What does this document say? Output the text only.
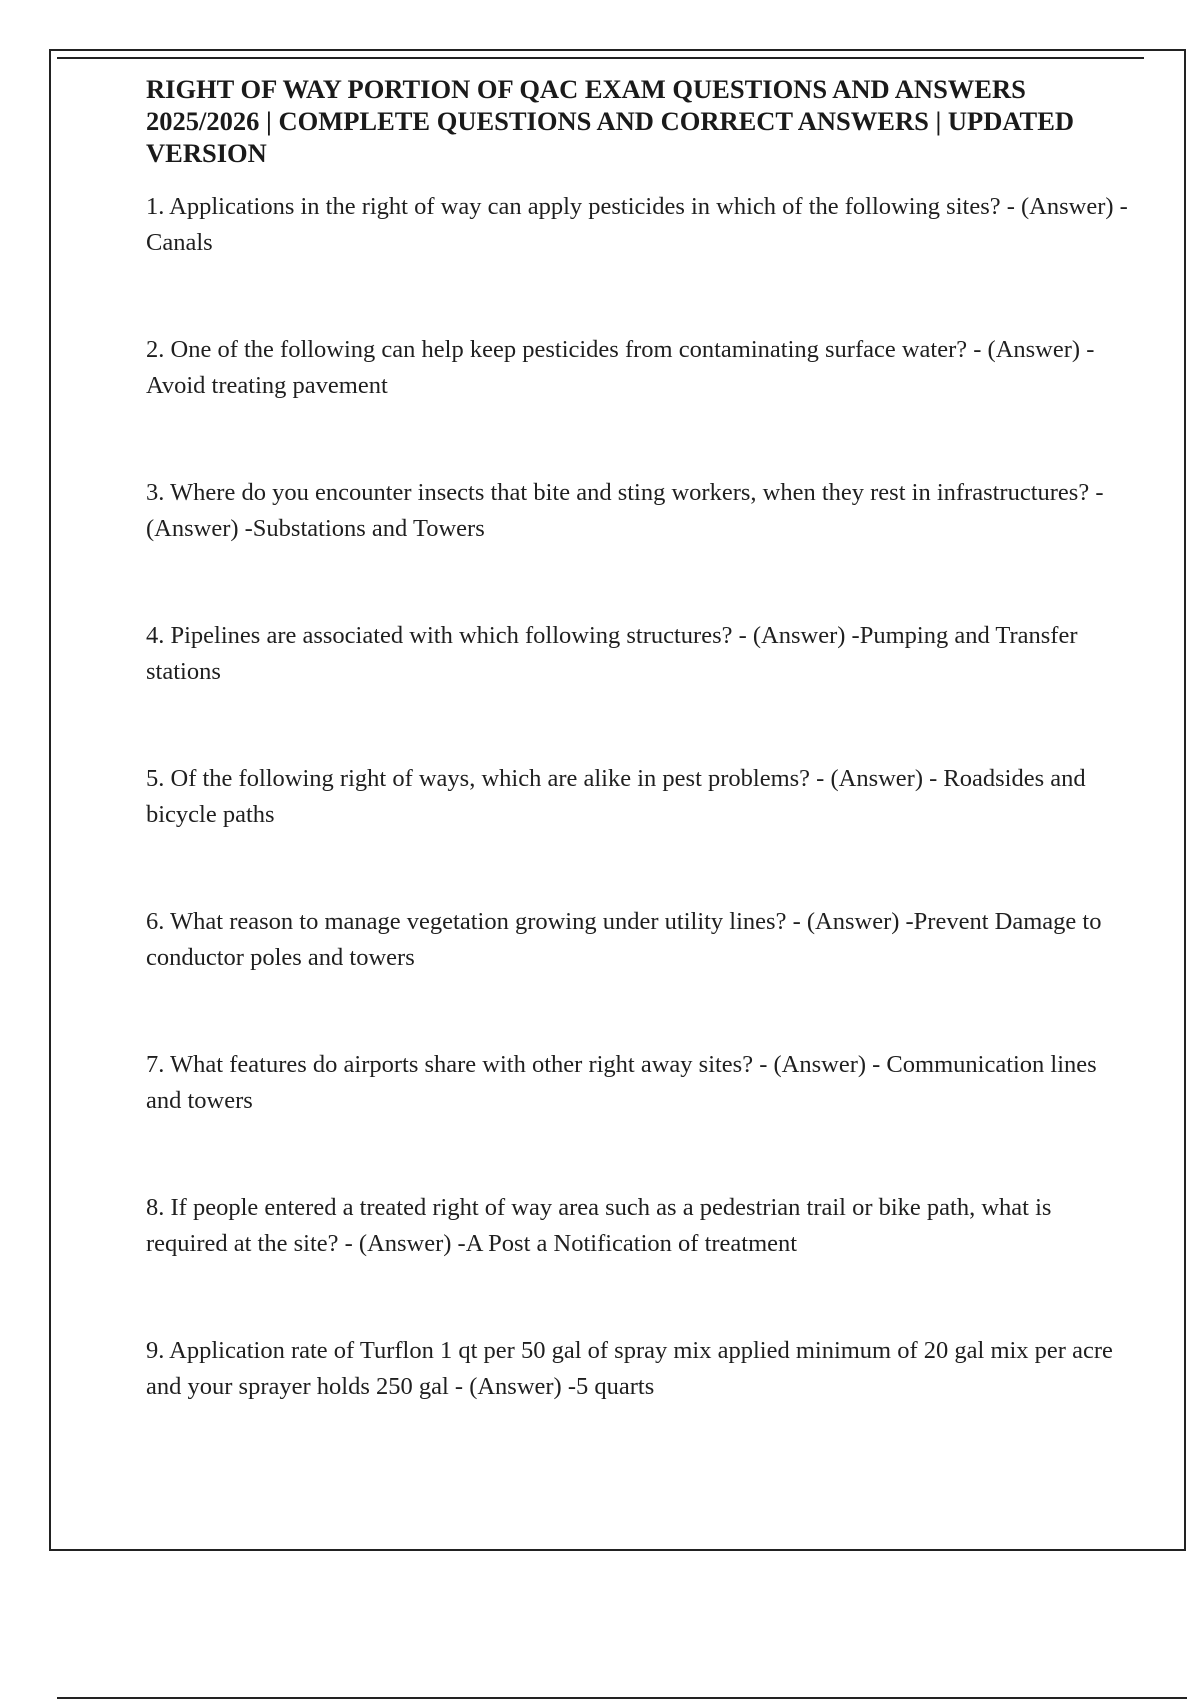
RIGHT OF WAY PORTION OF QAC EXAM QUESTIONS AND ANSWERS 2025/2026 | COMPLETE QUESTIONS AND CORRECT ANSWERS | UPDATED VERSION
1. Applications in the right of way can apply pesticides in which of the following sites? - (Answer) -Canals
2. One of the following can help keep pesticides from contaminating surface water? - (Answer) -Avoid treating pavement
3. Where do you encounter insects that bite and sting workers, when they rest in infrastructures? - (Answer) -Substations and Towers
4. Pipelines are associated with which following structures? - (Answer) -Pumping and Transfer stations
5. Of the following right of ways, which are alike in pest problems? - (Answer) - Roadsides and bicycle paths
6. What reason to manage vegetation growing under utility lines? - (Answer) -Prevent Damage to conductor poles and towers
7. What features do airports share with other right away sites? - (Answer) - Communication lines and towers
8. If people entered a treated right of way area such as a pedestrian trail or bike path, what is required at the site? - (Answer) -A Post a Notification of treatment
9. Application rate of Turflon 1 qt per 50 gal of spray mix applied minimum of 20 gal mix per acre and your sprayer holds 250 gal - (Answer) -5 quarts
